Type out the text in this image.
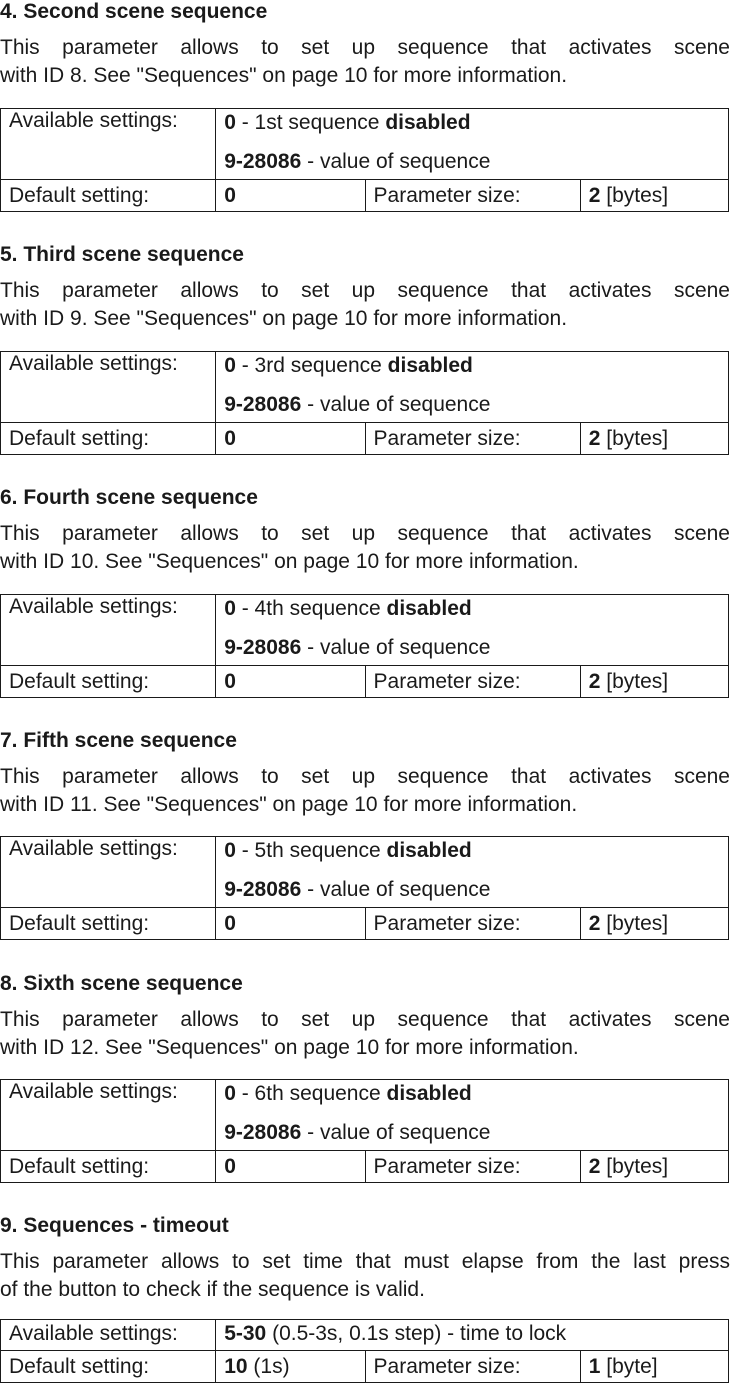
4. Second scene sequence
This parameter allows to set up sequence that activates scene
with ID 8. See "Sequences" on page 10 for more information.
Available settings:	0 - 1st sequence disabled
9-28086 - value of sequence		

Default setting:	0	Parameter size:	2 [bytes]
5. Third scene sequence
This parameter allows to set up sequence that activates scene
with ID 9. See "Sequences" on page 10 for more information.
Available settings:	0 - 3rd sequence disabled
9-28086 - value of sequence		

Default setting:	0	Parameter size:	2 [bytes]
6. Fourth scene sequence
This parameter allows to set up sequence that activates scene
with ID 10. See "Sequences" on page 10 for more information.
Available settings:	0 - 4th sequence disabled
9-28086 - value of sequence		

Default setting:	0	Parameter size:	2 [bytes]
7. Fifth scene sequence
This parameter allows to set up sequence that activates scene
with ID 11. See "Sequences" on page 10 for more information.
Available settings:	0 - 5th sequence disabled
9-28086 - value of sequence		

Default setting:	0	Parameter size:	2 [bytes]
8. Sixth scene sequence
This parameter allows to set up sequence that activates scene
with ID 12. See "Sequences" on page 10 for more information.
Available settings:	0 - 6th sequence disabled
9-28086 - value of sequence		

Default setting:	0	Parameter size:	2 [bytes]
9. Sequences - timeout
This parameter allows to set time that must elapse from the last press
of the button to check if the sequence is valid.
Available settings:	5-30 (0.5-3s, 0.1s step) - time to lock		
Default setting:	10 (1s)	Parameter size:	1 [byte]
